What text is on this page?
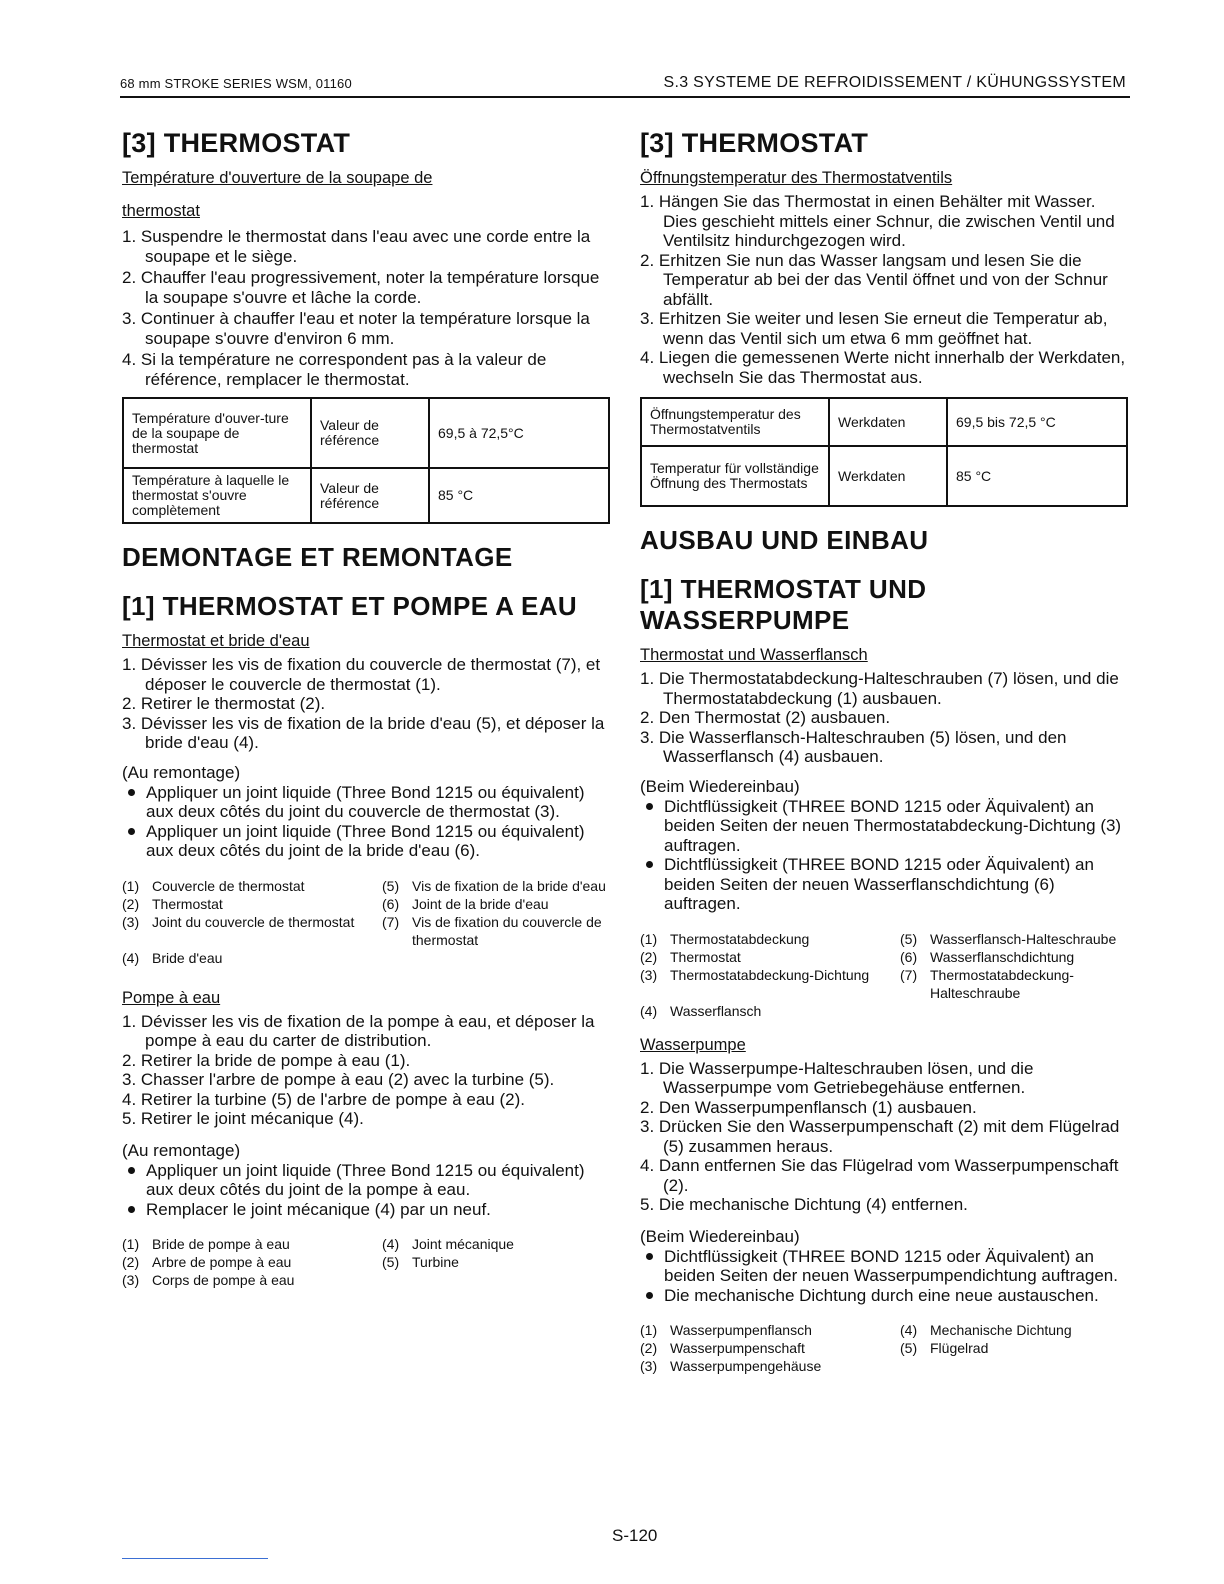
68 mm STROKE SERIES WSM, 01160	S.3 SYSTEME DE REFROIDISSEMENT / KÜHUNGSSYSTEM
[3] THERMOSTAT
Température d'ouverture de la soupape de
thermostat
1. Suspendre le thermostat dans l'eau avec une corde entre la soupape et le siège.
2. Chauffer l'eau progressivement, noter la température lorsque la soupape s'ouvre et lâche la corde.
3. Continuer à chauffer l'eau et noter la température lorsque la soupape s'ouvre d'environ 6 mm.
4. Si la température ne correspondent pas à la valeur de référence, remplacer le thermostat.
Température d'ouver-ture de la soupape de thermostat	Valeur de référence	69,5 à 72,5°C
Température à laquelle le thermostat s'ouvre complètement	Valeur de référence	85 °C
DEMONTAGE ET REMONTAGE
[1] THERMOSTAT ET POMPE A EAU
Thermostat et bride d'eau
1. Dévisser les vis de fixation du couvercle de thermostat (7), et déposer le couvercle de thermostat (1).
2. Retirer le thermostat (2).
3. Dévisser les vis de fixation de la bride d'eau (5), et déposer la bride d'eau (4).

(Au remontage)

Appliquer un joint liquide (Three Bond 1215 ou équivalent) aux deux côtés du joint du couvercle de thermostat (3).
Appliquer un joint liquide (Three Bond 1215 ou équivalent) aux deux côtés du joint de la bride d'eau (6).
(1) Couvercle de thermostat	(5) Vis de fixation de la bride d'eau
(2) Thermostat	(6) Joint de la bride d'eau
(3) Joint du couvercle de thermostat	(7) Vis de fixation du couvercle de thermostat
(4) Bride d'eau
Pompe à eau
1. Dévisser les vis de fixation de la pompe à eau, et déposer la pompe à eau du carter de distribution.
2. Retirer la bride de pompe à eau (1).
3. Chasser l'arbre de pompe à eau (2) avec la turbine (5).
4. Retirer la turbine (5) de l'arbre de pompe à eau (2).
5. Retirer le joint mécanique (4).

(Au remontage)

Appliquer un joint liquide (Three Bond 1215 ou équivalent) aux deux côtés du joint de la pompe à eau.
Remplacer le joint mécanique (4) par un neuf.
(1) Bride de pompe à eau	(4) Joint mécanique
(2) Arbre de pompe à eau	(5) Turbine
(3) Corps de pompe à eau
[3] THERMOSTAT
Öffnungstemperatur des Thermostatventils
1. Hängen Sie das Thermostat in einen Behälter mit Wasser. Dies geschieht mittels einer Schnur, die zwischen Ventil und Ventilsitz hindurchgezogen wird.
2. Erhitzen Sie nun das Wasser langsam und lesen Sie die Temperatur ab bei der das Ventil öffnet und von der Schnur abfällt.
3. Erhitzen Sie weiter und lesen Sie erneut die Temperatur ab, wenn das Ventil sich um etwa 6 mm geöffnet hat.
4. Liegen die gemessenen Werte nicht innerhalb der Werkdaten, wechseln Sie das Thermostat aus.
Öffnungstemperatur des Thermostatventils	Werkdaten	69,5 bis 72,5 °C
Temperatur für vollständige Öffnung des Thermostats	Werkdaten	85 °C
AUSBAU UND EINBAU
[1] THERMOSTAT UND WASSERPUMPE
Thermostat und Wasserflansch
1. Die Thermostatabdeckung-Halteschrauben (7) lösen, und die Thermostatabdeckung (1) ausbauen.
2. Den Thermostat (2) ausbauen.
3. Die Wasserflansch-Halteschrauben (5) lösen, und den Wasserflansch (4) ausbauen.

(Beim Wiedereinbau)

Dichtflüssigkeit (THREE BOND 1215 oder Äquivalent) an beiden Seiten der neuen Thermostatabdeckung-Dichtung (3) auftragen.
Dichtflüssigkeit (THREE BOND 1215 oder Äquivalent) an beiden Seiten der neuen Wasserflanschdichtung (6) auftragen.
(1) Thermostatabdeckung	(5) Wasserflansch-Halteschraube
(2) Thermostat	(6) Wasserflanschdichtung
(3) Thermostatabdeckung-Dichtung	(7) Thermostatabdeckung-Halteschraube
(4) Wasserflansch
Wasserpumpe
1. Die Wasserpumpe-Halteschrauben lösen, und die Wasserpumpe vom Getriebegehäuse entfernen.
2. Den Wasserpumpenflansch (1) ausbauen.
3. Drücken Sie den Wasserpumpenschaft (2) mit dem Flügelrad (5) zusammen heraus.
4. Dann entfernen Sie das Flügelrad vom Wasserpumpenschaft (2).
5. Die mechanische Dichtung (4) entfernen.

(Beim Wiedereinbau)

Dichtflüssigkeit (THREE BOND 1215 oder Äquivalent) an beiden Seiten der neuen Wasserpumpendichtung auftragen.
Die mechanische Dichtung durch eine neue austauschen.
(1) Wasserpumpenflansch	(4) Mechanische Dichtung
(2) Wasserpumpenschaft	(5) Flügelrad
(3) Wasserpumpengehäuse
S-120
